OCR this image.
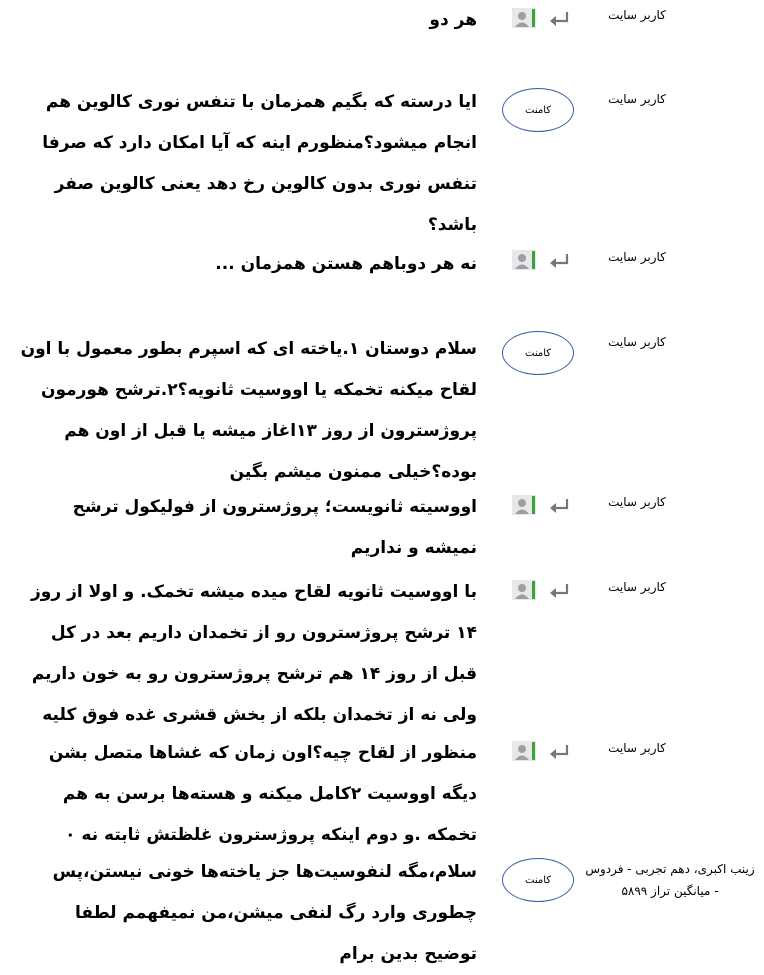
کاربر سایت
هر دو
کاربر سایت
کامنت
ایا درسته که بگیم همزمان با تنفس نوری کالوین هم انجام میشود؟منظورم اینه که آیا امکان دارد که صرفا تنفس نوری بدون کالوین رخ دهد یعنی کالوین صفر باشد؟
کاربر سایت
نه هر دوباهم هستن همزمان ...
کاربر سایت
کامنت
سلام دوستان ۱.یاخته ای که اسپرم بطور معمول با اون لقاح میکنه تخمکه یا اووسیت ثانویه؟۲.ترشح هورمون پروژسترون از روز ۱۳اغاز میشه یا قبل از اون هم بوده؟خیلی ممنون میشم بگین
کاربر سایت
اووسیته ثانویست؛ پروژسترون از فولیکول ترشح نمیشه و نداریم
کاربر سایت
با اووسیت ثانویه لقاح میده میشه تخمک. و اولا از روز ۱۴ ترشح پروژسترون رو از تخمدان داریم بعد در کل قبل از روز ۱۴ هم ترشح پروژسترون رو به خون داریم ولی نه از تخمدان بلکه از بخش قشری غده فوق کلیه
کاربر سایت
منظور از لقاح چیه؟اون زمان که غشاها متصل بشن دیگه اووسیت ۲کامل میکنه و هسته‌ها برسن به هم تخمکه .و دوم اینکه پروژسترون غلظتش ثابته نه ٠
زینب اکبری، دهم تجربی - فردوس
- میانگین تراز ۵۸۹۹
کامنت
سلام،مگه لنفوسیت‌ها جز یاخته‌ها خونی نیستن،پس چطوری وارد رگ لنفی میشن،من نمیفهمم لطفا توضیح بدین برام
